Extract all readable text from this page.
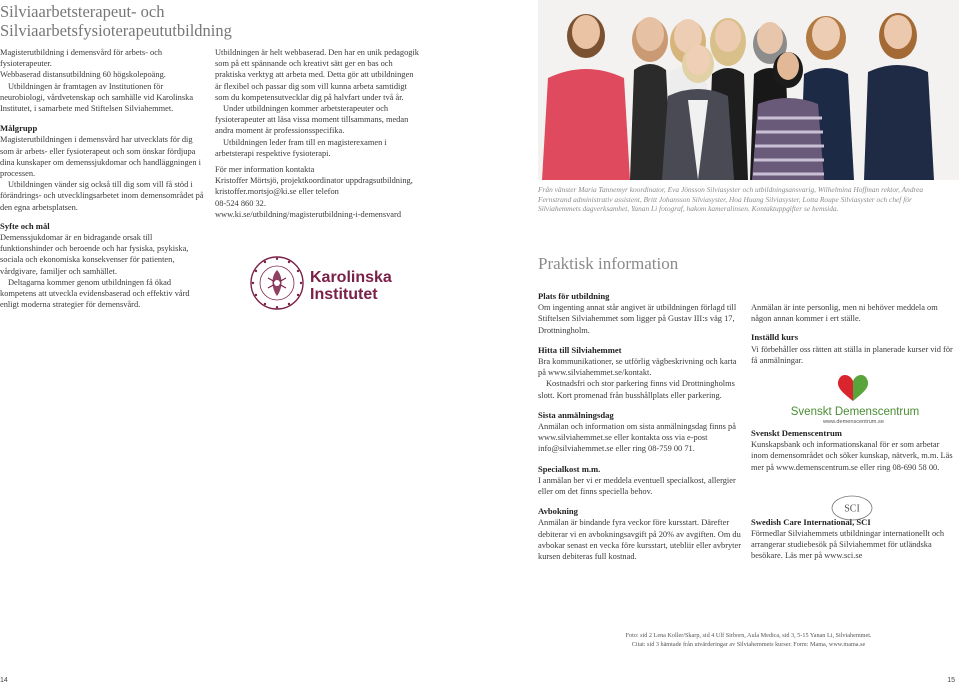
Silviaarbetsterapeut- och
Silviaarbetsfysioterapeututbildning

Magisterutbildning i demensvård för arbets- och fysioterapeuter.

Webbaserad distansutbildning 60 högskolepoäng.

Utbildningen är framtagen av Institutionen för neurobiologi, vårdvetenskap och samhälle vid Karolinska Institutet, i samarbete med Stiftelsen Silviahemmet.

Målgrupp

Magisterutbildningen i demensvård har utvecklats för dig som är arbets- eller fysioterapeut och som önskar fördjupa dina kunskaper om demenssjukdomar och handläggningen i processen.

Utbildningen vänder sig också till dig som vill få stöd i förändrings- och utvecklingsarbetet inom demensområdet på den egna arbetsplatsen.

Syfte och mål

Demenssjukdomar är en bidragande orsak till funktionshinder och beroende och har fysiska, psykiska, sociala och ekonomiska konsekvenser för patienten, vårdgivare, familjer och samhället.

Deltagarna kommer genom utbildningen få ökad kompetens att utveckla evidensbaserad och effektiv vård enligt moderna strategier för demensvård.

Utbildningen är helt webbaserad. Den har en unik pedagogik som på ett spännande och kreativt sätt ger en bas och praktiska verktyg att arbeta med. Detta gör att utbildningen är flexibel och passar dig som vill kunna arbeta samtidigt som du kompetensutvecklar dig på halvfart under två år.

Under utbildningen kommer arbetsterapeuter och fysioterapeuter att läsa vissa moment tillsammans, medan andra moment är professionsspecifika.

Utbildningen leder fram till en magisterexamen i arbetsterapi respektive fysioterapi.

För mer information kontakta

Kristoffer Mörtsjö, projektkoordinator uppdragsutbildning, kristoffer.mortsjo@ki.se eller telefon

08-524 860 32.

www.ki.se/utbildning/magisterutbildning-i-demensvard

Karolinska
Institutet
Från vänster Maria Tannemyr koordinator, Eva Jönsson Silviasyster och utbildningsansvarig, Wilhelmina Hoffman rektor, Andrea Fernstrand administrativ assistent, Britt Johansson Silviasyster, Hoa Huang Silviasyster, Lotta Roupe Silviasyster och chef för Silviahemmets dagverksamhet, Yanan Li fotograf, hakom kameralinsen. Kontaktuppgifter se hemsida.
Praktisk information
Plats för utbildning

Om ingenting annat står angivet är utbildningen förlagd till Stiftelsen Silviahemmet som ligger på Gustav III:s väg 17, Drottningholm.

Hitta till Silviahemmet

Bra kommunikationer, se utförlig vägbeskrivning och karta på www.silviahemmet.se/kontakt.

Kostnadsfri och stor parkering finns vid Drottningholms slott. Kort promenad från busshållplats eller parkering.

Sista anmälningsdag

Anmälan och information om sista anmälningsdag finns på www.silviahemmet.se eller kontakta oss via e-post info@silviahemmet.se eller ring 08-759 00 71.

Specialkost m.m.

I anmälan ber vi er meddela eventuell specialkost, allergier eller om det finns speciella behov.

Avbokning

Anmälan är bindande fyra veckor före kursstart. Därefter debiterar vi en avbokningsavgift på 20% av avgiften. Om du avbokar senast en vecka före kursstart, utebliir eller avbryter kursen debiteras full kostnad.

Anmälan är inte personlig, men ni behöver meddela om någon annan kommer i ert ställe.

Inställd kurs

Vi förbehåller oss rätten att ställa in planerade kurser vid för få anmälningar.

Svenskt Demenscentrum

Kunskapsbank och informationskanal för er som arbetar inom demensområdet och söker kunskap, nätverk, m.m. Läs mer på www.demenscentrum.se eller ring 08-690 58 00.

Swedish Care International, SCI

Förmedlar Silviahemmets utbildningar internationellt och arrangerar studiebesök på Silviahemmet för utländska besökare. Läs mer på www.sci.se

Svenskt Demenscentrum
www.demenscentrum.se
SCI
Foto: sid 2 Lena Koller/Skarp, sid 4 Ulf Sirborn, Aula Medica, sid 3, 5-15 Yanan Li, Silviahemmet.
Citat: sid 3 hämtade från utvärderingar av Silviahemmets kurser. Form: Mama, www.mama.se
14	15
